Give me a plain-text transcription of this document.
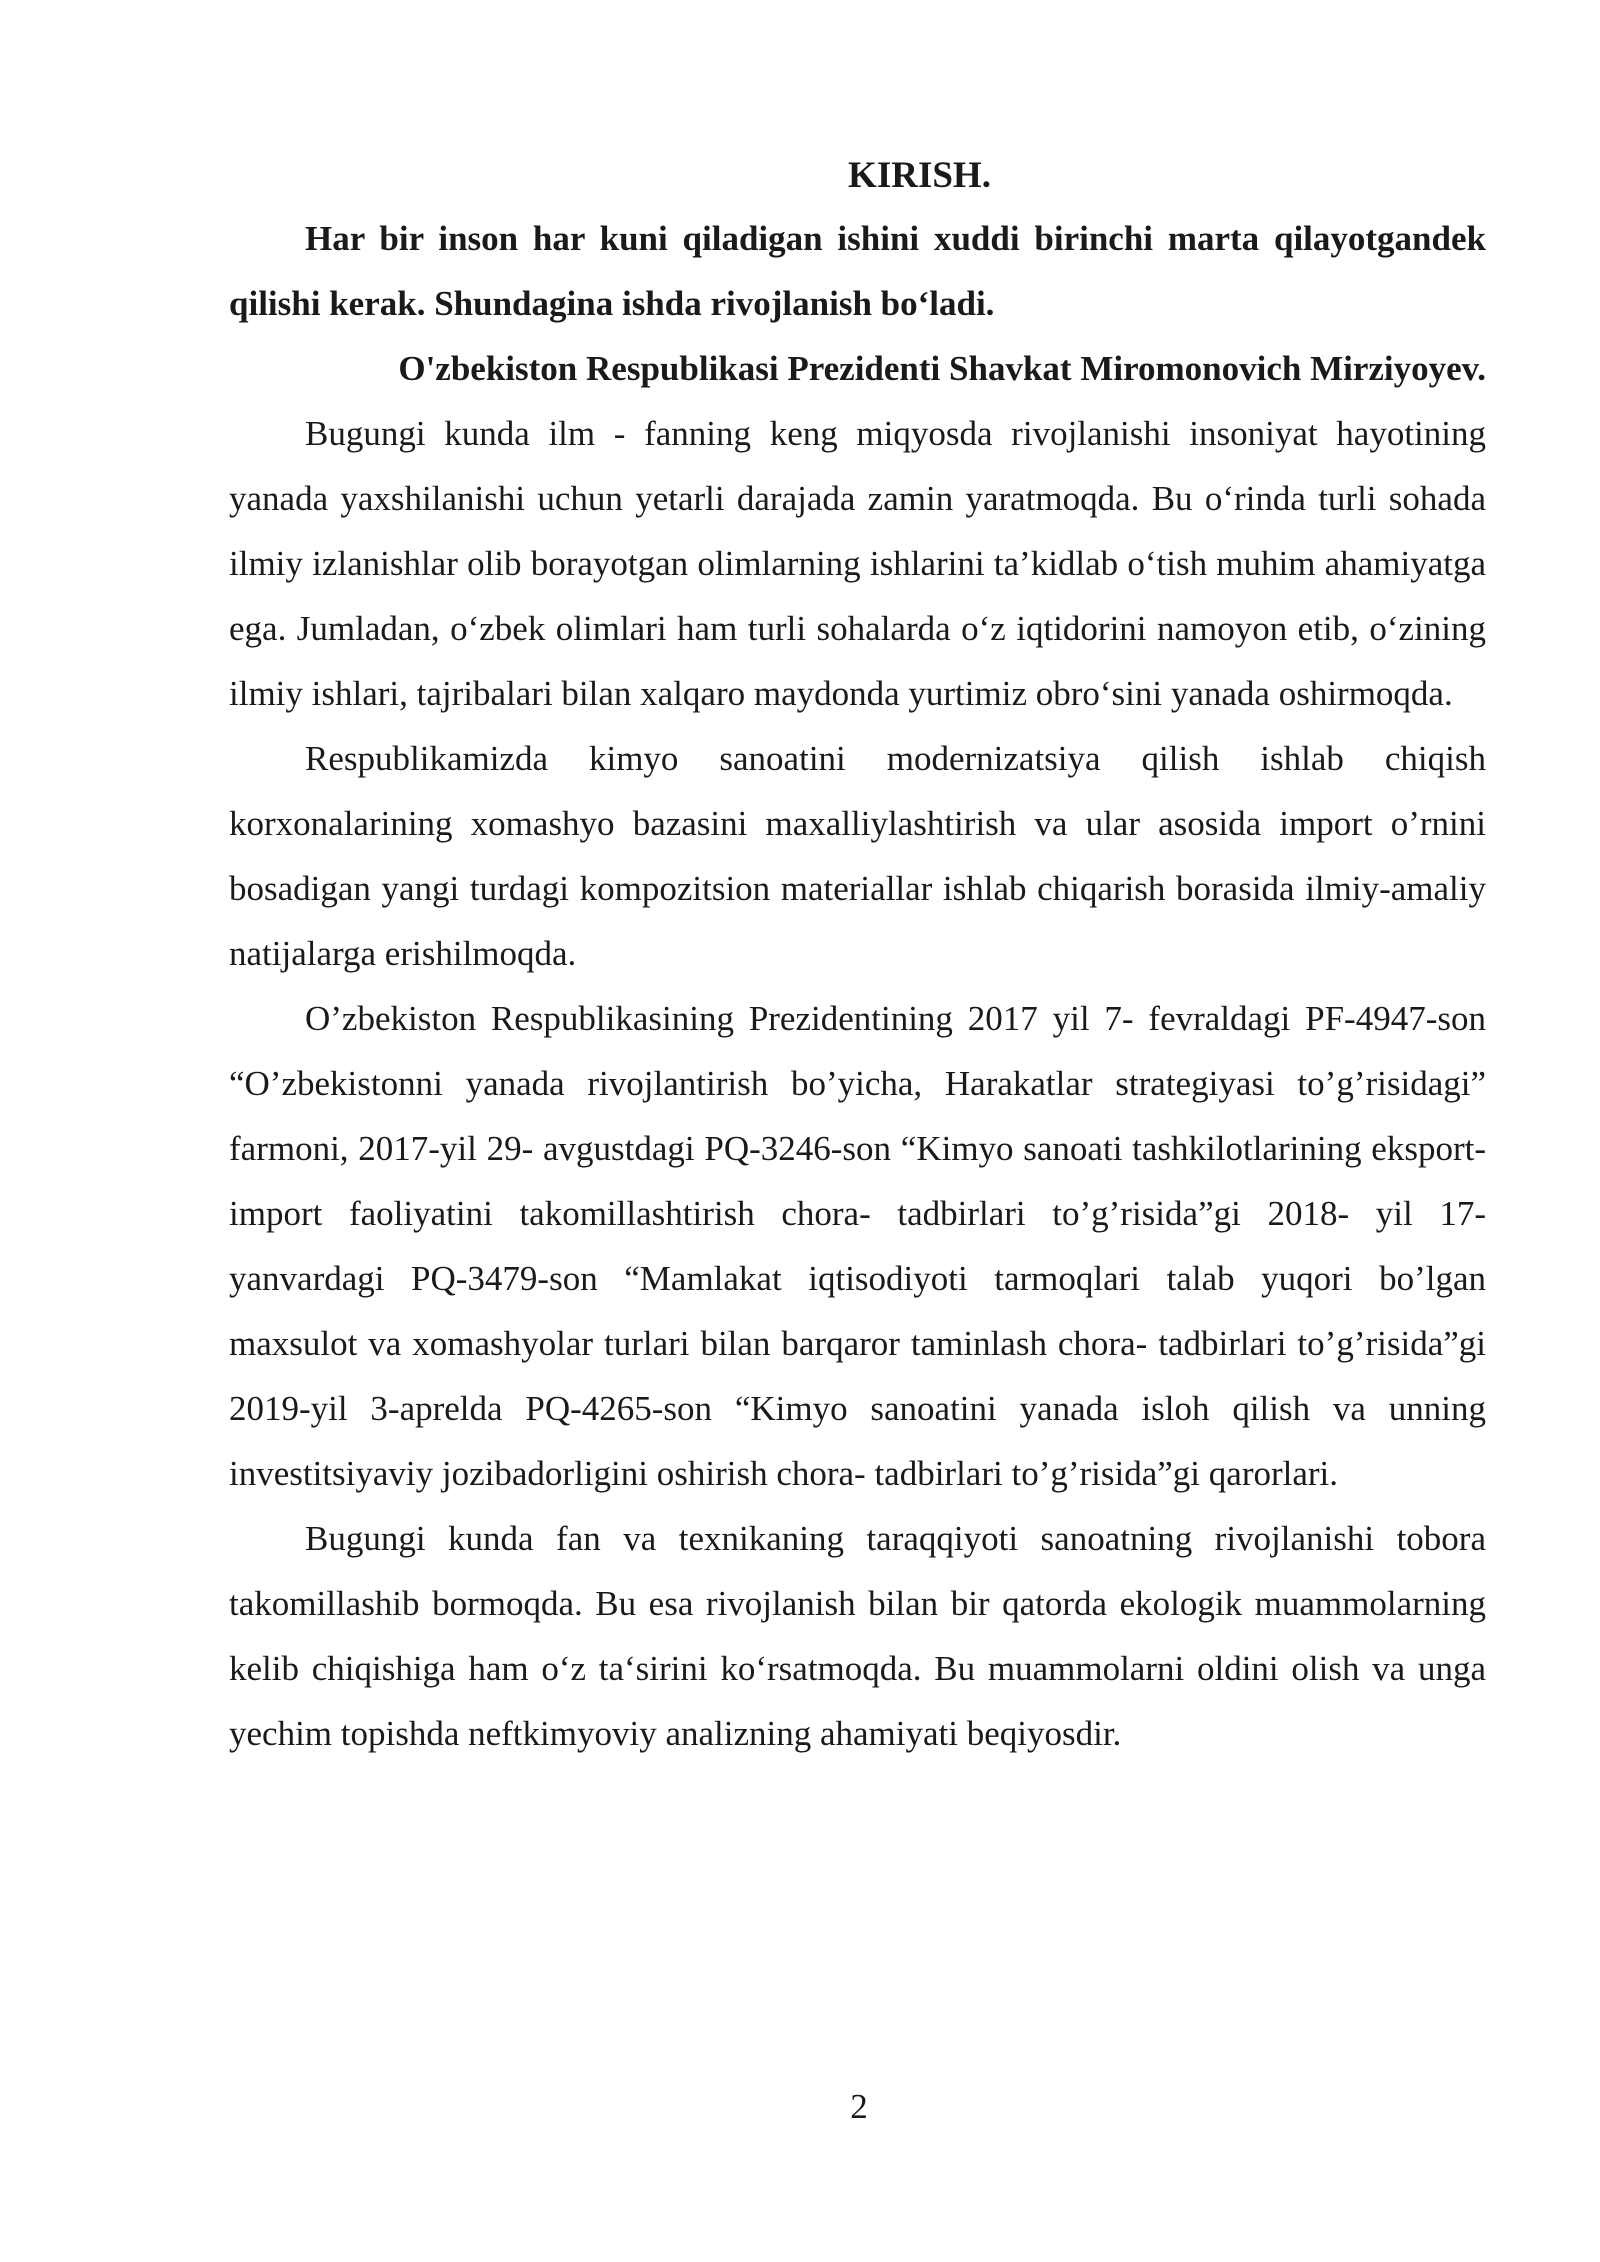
KIRISH.

Har bir inson har kuni qiladigan ishini xuddi birinchi marta qilayotgandek qilishi kerak. Shundagina ishda rivojlanish bo‘ladi.

O'zbekiston Respublikasi Prezidenti Shavkat Miromonovich Mirziyoyev.

Bugungi kunda ilm - fanning keng miqyosda rivojlanishi insoniyat hayotining yanada yaxshilanishi uchun yetarli darajada zamin yaratmoqda. Bu o‘rinda turli sohada ilmiy izlanishlar olib borayotgan olimlarning ishlarini ta’kidlab o‘tish muhim ahamiyatga ega. Jumladan, o‘zbek olimlari ham turli sohalarda o‘z iqtidorini namoyon etib, o‘zining ilmiy ishlari, tajribalari bilan xalqaro maydonda yurtimiz obro‘sini yanada oshirmoqda.

Respublikamizda kimyo sanoatini modernizatsiya qilish ishlab chiqish korxonalarining xomashyo bazasini maxalliylashtirish va ular asosida import o’rnini bosadigan yangi turdagi kompozitsion materiallar ishlab chiqarish borasida ilmiy-amaliy natijalarga erishilmoqda.

O’zbekiston Respublikasining Prezidentining 2017 yil 7- fevraldagi PF-4947-son “O’zbekistonni yanada rivojlantirish bo’yicha, Harakatlar strategiyasi to’g’risidagi” farmoni, 2017-yil 29- avgustdagi PQ-3246-son “Kimyo sanoati tashkilotlarining eksport-import faoliyatini takomillashtirish chora- tadbirlari to’g’risida”gi 2018- yil 17- yanvardagi PQ-3479-son “Mamlakat iqtisodiyoti tarmoqlari talab yuqori bo’lgan maxsulot va xomashyolar turlari bilan barqaror taminlash chora- tadbirlari to’g’risida”gi 2019-yil 3-aprelda PQ-4265-son “Kimyo sanoatini yanada isloh qilish va unning investitsiyaviy jozibadorligini oshirish chora- tadbirlari to’g’risida”gi qarorlari.

Bugungi kunda fan va texnikaning taraqqiyoti sanoatning rivojlanishi tobora takomillashib bormoqda. Bu esa rivojlanish bilan bir qatorda ekologik muammolarning kelib chiqishiga ham o‘z ta‘sirini ko‘rsatmoqda. Bu muammolarni oldini olish va unga yechim topishda neftkimyoviy analizning ahamiyati beqiyosdir.

2
